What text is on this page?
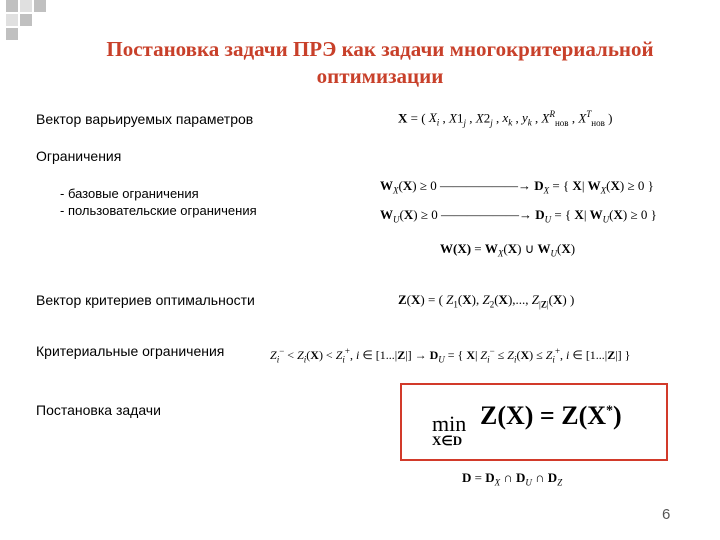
Постановка задачи ПРЭ как задачи многокритериальной
оптимизации
Вектор варьируемых параметров
Ограничения
- базовые ограничения
- пользовательские ограничения
Вектор критериев оптимальности
Критериальные ограничения
Постановка задачи
X = ( $X_i$ , $X1_j$ , $X2_j$ , $x_k$ , $y_k$ , $X^R_{нов}$ , $X^T_{нов}$ )
$W_X(X) \ge 0$ ——————→ $D_X$ = { X| $W_X(X) \ge 0$ }
$W_U(X) \ge 0$ ——————→ $D_U$ = { X| $W_U(X) \ge 0$ }
$W(X) = W_X(X)$ ∪ $W_U(X)$
Z(X) = ( $Z_1(X)$, $Z_2(X)$,..., $Z_{|Z|}(X)$ )
$Z_i^- < Z_i(X) < Z_i^+$, i ∈ $[1...|Z|] \to D_U$ = { X| $Z_i^- \le Z_i(X) \le Z_i^+$, i ∈ [1...|Z|] }
min
X∈D
Z(X) = Z(X*)
$D = D_X$ ∩ $D_U$ ∩ $D_Z$
6
